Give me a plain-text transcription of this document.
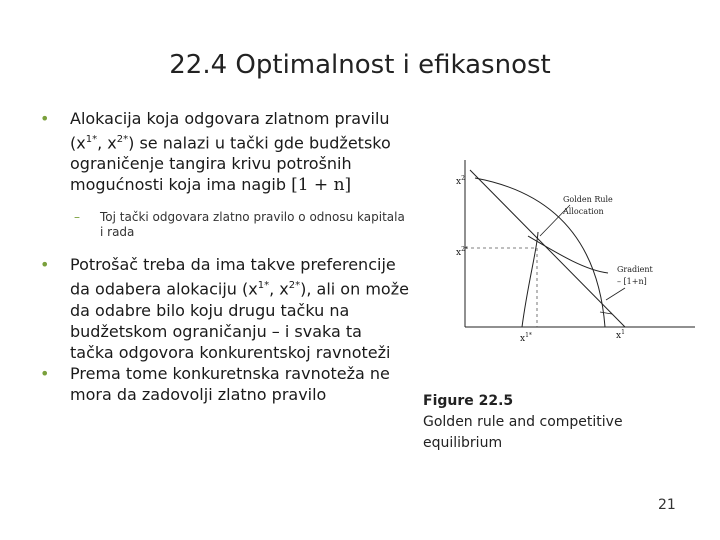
22.4 Optimalnost i efikasnost
• Alokacija koja odgovara zlatnom pravilu ($x^{1*}$, $x^{2*}$) se nalazi u tački gde budžetsko ograničenje tangira krivu potrošnih mogućnosti koja ima nagib [1 + n]
– Toj tački odgovara zlatno pravilo o odnosu kapitala i rada
• Potrošač treba da ima takve preferencije da odabera alokaciju ($x^{1*}$, $x^{2*}$), ali on može da odabre bilo koju drugu tačku na budžetskom ograničanju – i svaka ta tačka odgovora konkurentskoj ravnoteži
• Prema tome konkuretnska ravnoteža ne mora da zadovolji zlatno pravilo
$x^2$
$x^{2*}$
$x^{1*}$	$x^1$
Golden Rule
Allocation
Gradient
– [1+n]
Figure 22.5
Golden rule and competitive equilibrium
21
